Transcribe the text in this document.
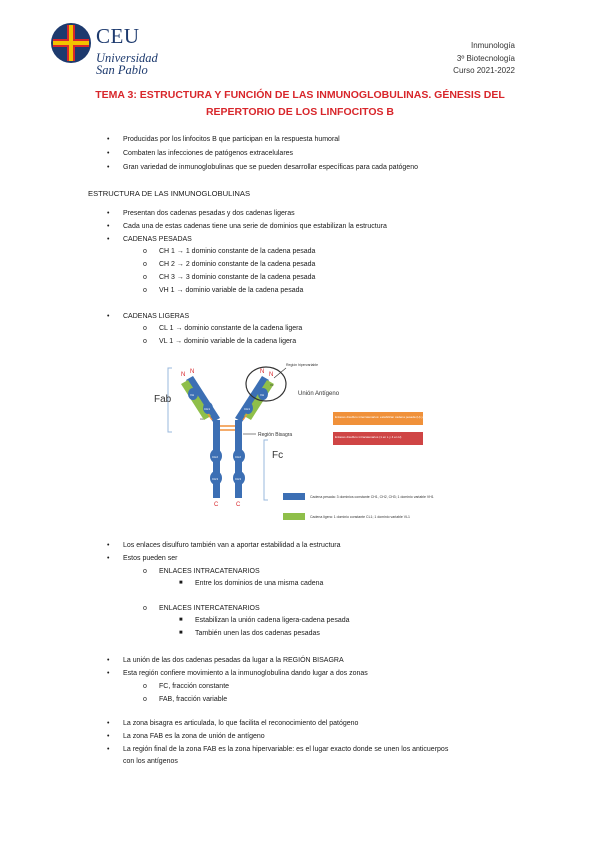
CEU
Universidad
San Pablo
Inmunología
3º Biotecnología
Curso 2021-2022
TEMA 3: ESTRUCTURA Y FUNCIÓN DE LAS INMUNOGLOBULINAS. GÉNESIS DEL
REPERTORIO DE LOS LINFOCITOS B
• Producidas por los linfocitos B que participan en la respuesta humoral
• Combaten las infecciones de patógenos extracelulares
• Gran variedad de inmunoglobulinas que se pueden desarrollar específicas para cada patógeno
ESTRUCTURA DE LAS INMUNOGLOBULINAS
• Presentan dos cadenas pesadas y dos cadenas ligeras
• Cada una de estas cadenas tiene una serie de dominios que estabilizan la estructura
• CADENAS PESADAS
o CH 1 → 1 dominio constante de la cadena pesada
o CH 2 → 2 dominio constante de la cadena pesada
o CH 3 → 3 dominio constante de la cadena pesada
o VH 1 → dominio variable de la cadena pesada
• CADENAS LIGERAS
o CL 1 → dominio constante de la cadena ligera
o VL 1 → dominio variable de la cadena ligera
Fab
Fc
VH	VH
VL
CH1	CH1
CL
CH2	CH2
CH3	CH3
N N	N N
C	C
Región hipervariable
Unión Antígeno
Región Bisagra
Enlaces disulfuro intercatenarios: estabilizan cadena pesada (H) y ligera (L)
Enlaces disulfuro intracatenarios (1 en L y 4 en H)
Cadena pesada: 3 dominios constante CH1, CH2, CH3; 1 dominio variable VH1
Cadena ligera: 1 dominio constante CL1; 1 dominio variable VL1
• Los enlaces disulfuro también van a aportar estabilidad a la estructura
• Estos pueden ser
o ENLACES INTRACATENARIOS
■ Entre los dominios de una misma cadena
o ENLACES INTERCATENARIOS
■ Estabilizan la unión cadena ligera-cadena pesada
■ También unen las dos cadenas pesadas
• La unión de las dos cadenas pesadas da lugar a la REGIÓN BISAGRA
• Esta región confiere movimiento a la inmunoglobulina dando lugar a dos zonas
o FC, fracción constante
o FAB, fracción variable
• La zona bisagra es articulada, lo que facilita el reconocimiento del patógeno
• La zona FAB es la zona de unión de antígeno
• La región final de la zona FAB es la zona hipervariable: es el lugar exacto donde se unen los anticuerpos
con los antígenos
